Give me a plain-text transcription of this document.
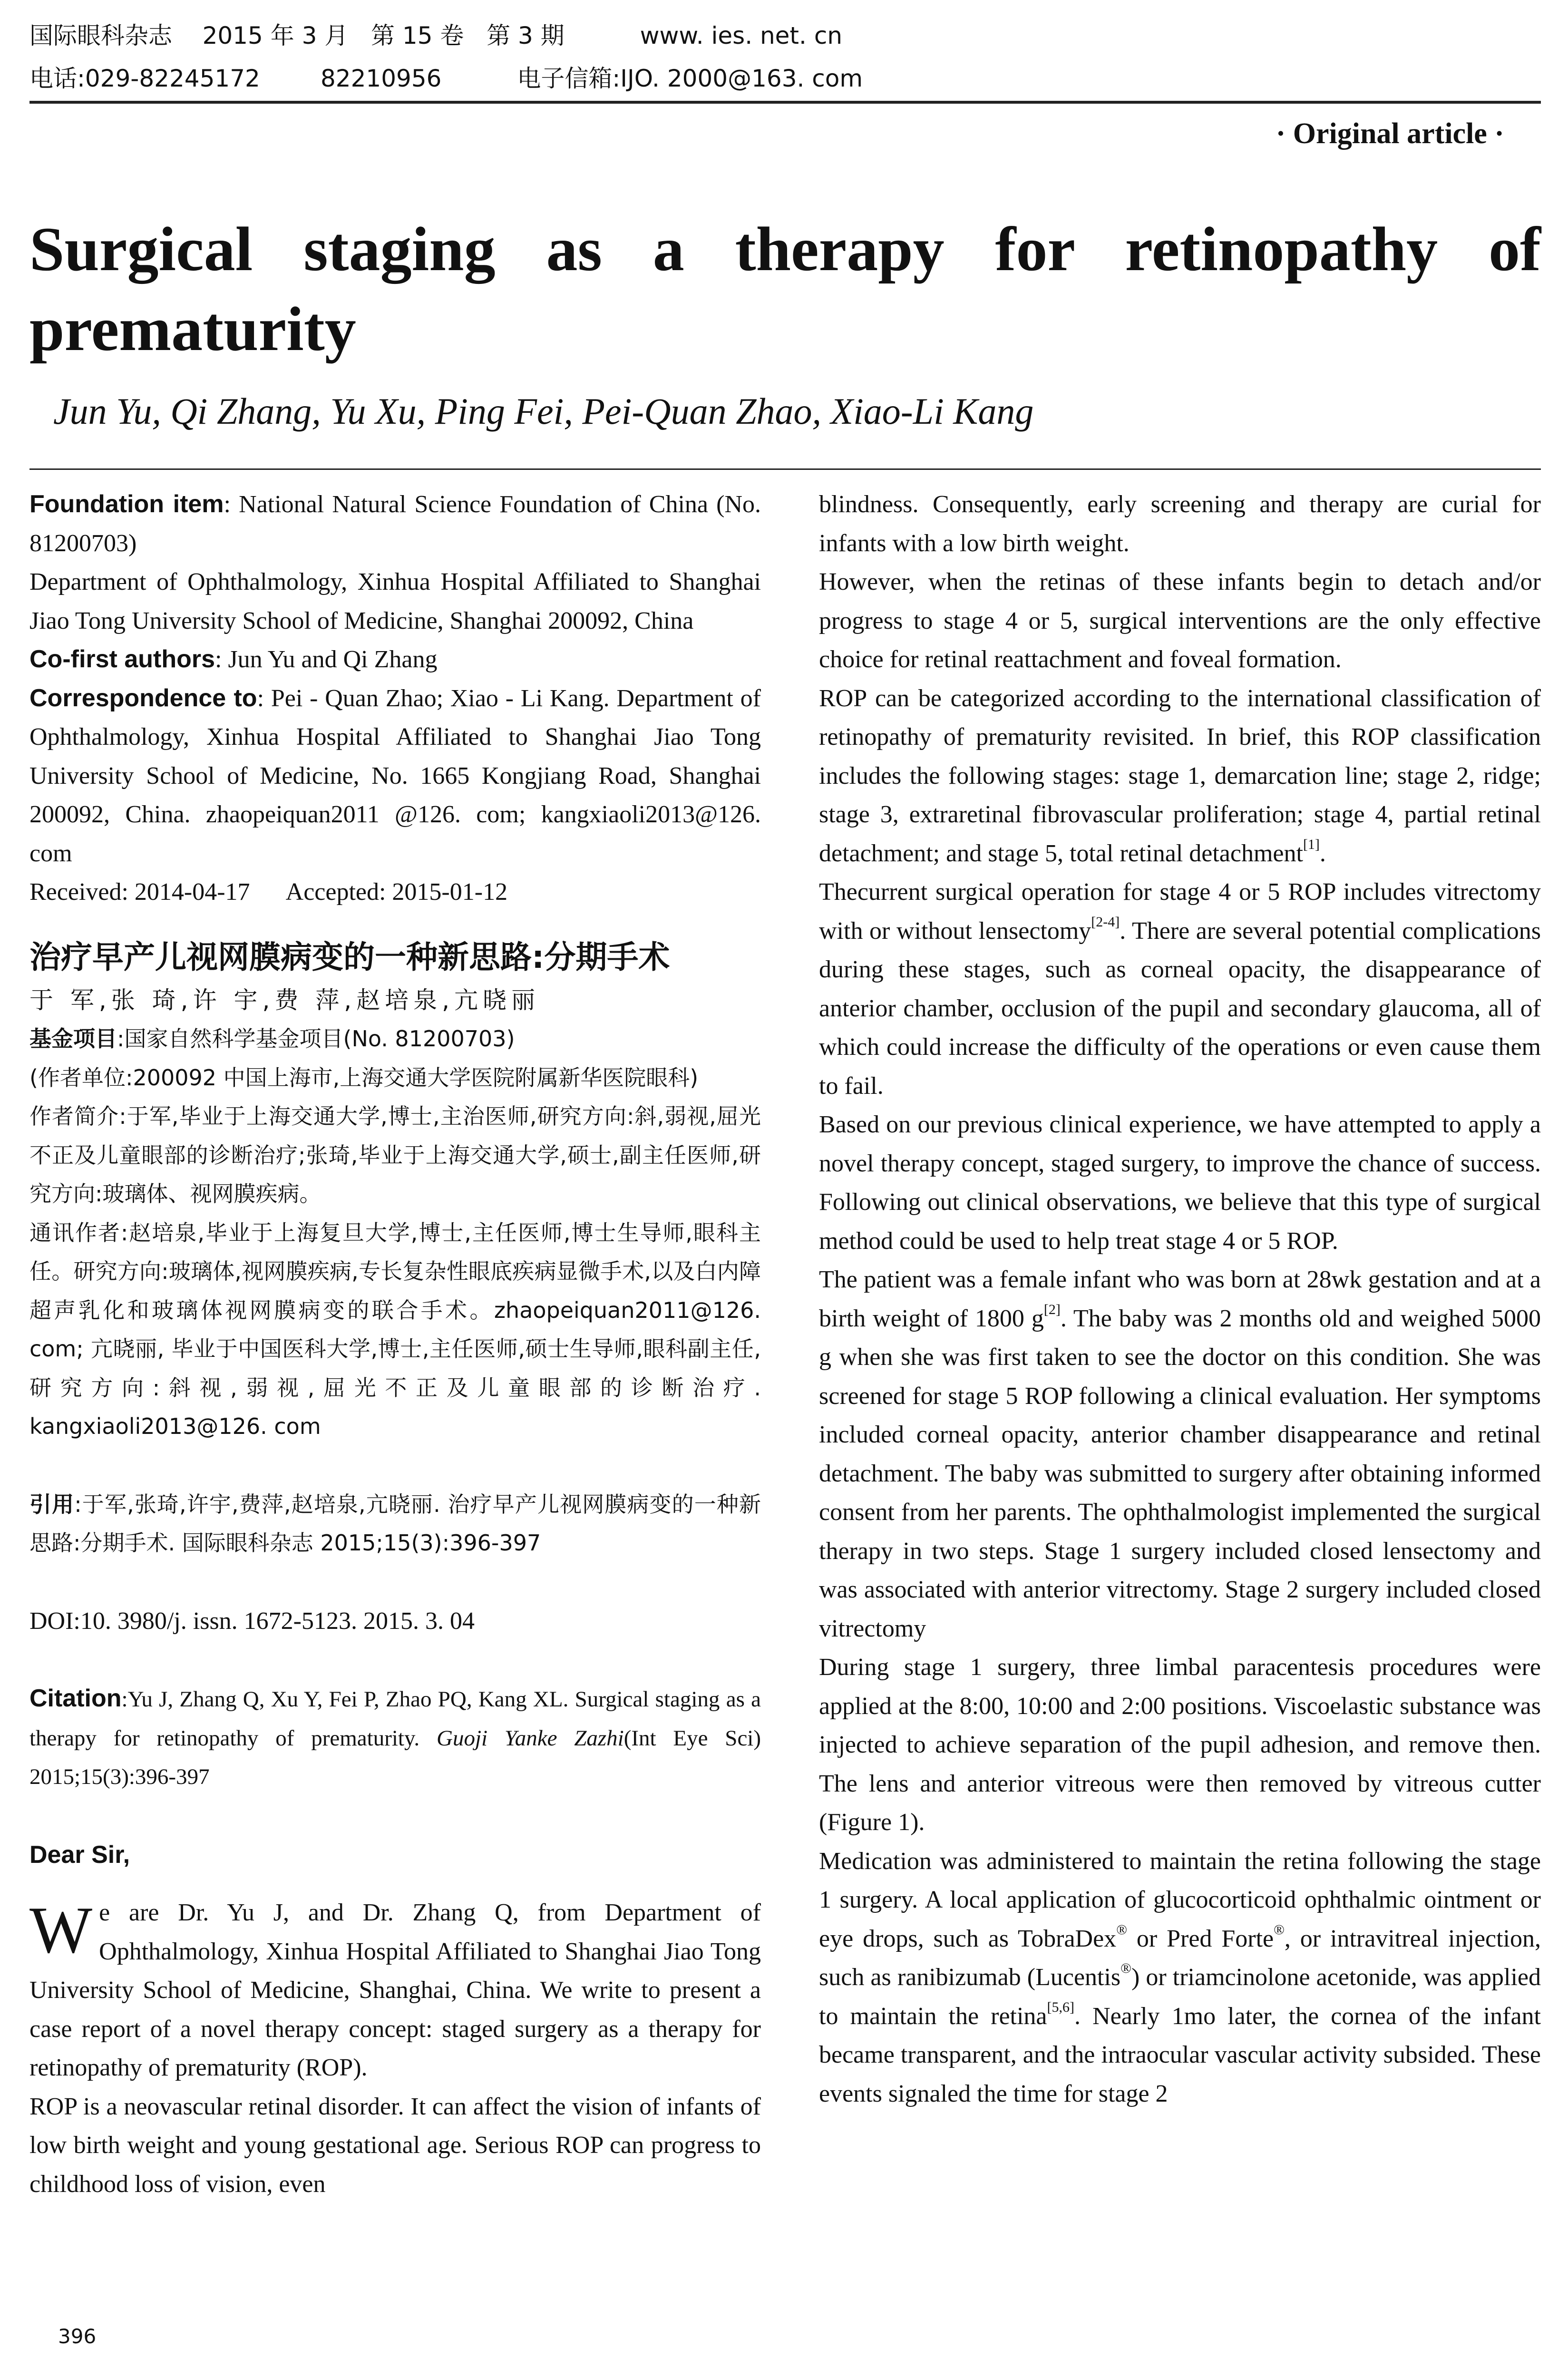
国际眼科杂志    2015 年 3 月   第 15 卷   第 3 期          www. ies. net. cn
电话:029-82245172        82210956          电子信箱:IJO. 2000@163. com
· Original article ·
Surgical staging as a therapy for retinopathy of prematurity
Jun Yu, Qi Zhang, Yu Xu, Ping Fei, Pei-Quan Zhao, Xiao-Li Kang

Foundation item: National Natural Science Foundation of China (No. 81200703)

Department of Ophthalmology, Xinhua Hospital Affiliated to Shanghai Jiao Tong University School of Medicine, Shanghai 200092, China

Co-first authors: Jun Yu and Qi Zhang

Correspondence to: Pei - Quan Zhao; Xiao - Li Kang. Department of Ophthalmology, Xinhua Hospital Affiliated to Shanghai Jiao Tong University School of Medicine, No. 1665 Kongjiang Road, Shanghai 200092, China. zhaopeiquan2011 @126. com; kangxiaoli2013@126. com

Received: 2014-04-17      Accepted: 2015-01-12

治疗早产儿视网膜病变的一种新思路:分期手术

于 军,张 琦,许 宇,费 萍,赵培泉,亢晓丽

基金项目:国家自然科学基金项目(No. 81200703)

(作者单位:200092 中国上海市,上海交通大学医院附属新华医院眼科)

作者简介:于军,毕业于上海交通大学,博士,主治医师,研究方向:斜,弱视,屈光不正及儿童眼部的诊断治疗;张琦,毕业于上海交通大学,硕士,副主任医师,研究方向:玻璃体、视网膜疾病。

通讯作者:赵培泉,毕业于上海复旦大学,博士,主任医师,博士生导师,眼科主任。研究方向:玻璃体,视网膜疾病,专长复杂性眼底疾病显微手术,以及白内障超声乳化和玻璃体视网膜病变的联合手术。zhaopeiquan2011@126. com; 亢晓丽, 毕业于中国医科大学,博士,主任医师,硕士生导师,眼科副主任,研究方向:斜视,弱视,屈光不正及儿童眼部的诊断治疗. kangxiaoli2013@126. com

引用:于军,张琦,许宇,费萍,赵培泉,亢晓丽. 治疗早产儿视网膜病变的一种新思路:分期手术. 国际眼科杂志 2015;15(3):396-397

DOI:10. 3980/j. issn. 1672-5123. 2015. 3. 04

Citation:Yu J, Zhang Q, Xu Y, Fei P, Zhao PQ, Kang XL. Surgical staging as a therapy for retinopathy of prematurity. Guoji Yanke Zazhi(Int Eye Sci) 2015;15(3):396-397

Dear Sir,

We are Dr. Yu J, and Dr. Zhang Q, from Department of Ophthalmology, Xinhua Hospital Affiliated to Shanghai Jiao Tong University School of Medicine, Shanghai, China. We write to present a case report of a novel therapy concept: staged surgery as a therapy for retinopathy of prematurity (ROP).

ROP is a neovascular retinal disorder. It can affect the vision of infants of low birth weight and young gestational age. Serious ROP can progress to childhood loss of vision, even

blindness. Consequently, early screening and therapy are curial for infants with a low birth weight.

However, when the retinas of these infants begin to detach and/or progress to stage 4 or 5, surgical interventions are the only effective choice for retinal reattachment and foveal formation.

ROP can be categorized according to the international classification of retinopathy of prematurity revisited. In brief, this ROP classification includes the following stages: stage 1, demarcation line; stage 2, ridge; stage 3, extraretinal fibrovascular proliferation; stage 4, partial retinal detachment; and stage 5, total retinal detachment[1].

Thecurrent surgical operation for stage 4 or 5 ROP includes vitrectomy with or without lensectomy[2-4]. There are several potential complications during these stages, such as corneal opacity, the disappearance of anterior chamber, occlusion of the pupil and secondary glaucoma, all of which could increase the difficulty of the operations or even cause them to fail.

Based on our previous clinical experience, we have attempted to apply a novel therapy concept, staged surgery, to improve the chance of success. Following out clinical observations, we believe that this type of surgical method could be used to help treat stage 4 or 5 ROP.

The patient was a female infant who was born at 28wk gestation and at a birth weight of 1800 g[2]. The baby was 2 months old and weighed 5000 g when she was first taken to see the doctor on this condition. She was screened for stage 5 ROP following a clinical evaluation. Her symptoms included corneal opacity, anterior chamber disappearance and retinal detachment. The baby was submitted to surgery after obtaining informed consent from her parents. The ophthalmologist implemented the surgical therapy in two steps. Stage 1 surgery included closed lensectomy and was associated with anterior vitrectomy. Stage 2 surgery included closed vitrectomy

During stage 1 surgery, three limbal paracentesis procedures were applied at the 8:00, 10:00 and 2:00 positions. Viscoelastic substance was injected to achieve separation of the pupil adhesion, and remove then. The lens and anterior vitreous were then removed by vitreous cutter (Figure 1).

Medication was administered to maintain the retina following the stage 1 surgery. A local application of glucocorticoid ophthalmic ointment or eye drops, such as TobraDex® or Pred Forte®, or intravitreal injection, such as ranibizumab (Lucentis®) or triamcinolone acetonide, was applied to maintain the retina[5,6]. Nearly 1mo later, the cornea of the infant became transparent, and the intraocular vascular activity subsided. These events signaled the time for stage 2

396
